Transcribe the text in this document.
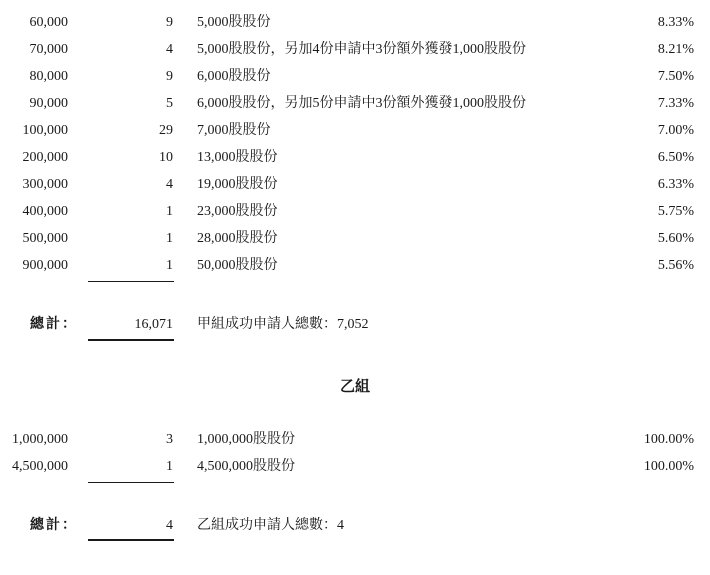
60,000	9 5,000股股份	8.33%
70,000	4 5,000股股份，另加4份申請中3份額外獲發1,000股股份	8.21%
80,000	9 6,000股股份	7.50%
90,000	5 6,000股股份，另加5份申請中3份額外獲發1,000股股份	7.33%
100,000	29 7,000股股份	7.00%
200,000	10 13,000股股份	6.50%
300,000	4 19,000股股份	6.33%
400,000	1 23,000股股份	5.75%
500,000	1 28,000股股份	5.60%
900,000	1 50,000股股份	5.56%
總計：	16,071 甲組成功申請人總數：7,052
乙組
1,000,000	3 1,000,000股股份	100.00%
4,500,000	1 4,500,000股股份	100.00%
總計：	4 乙組成功申請人總數：4
